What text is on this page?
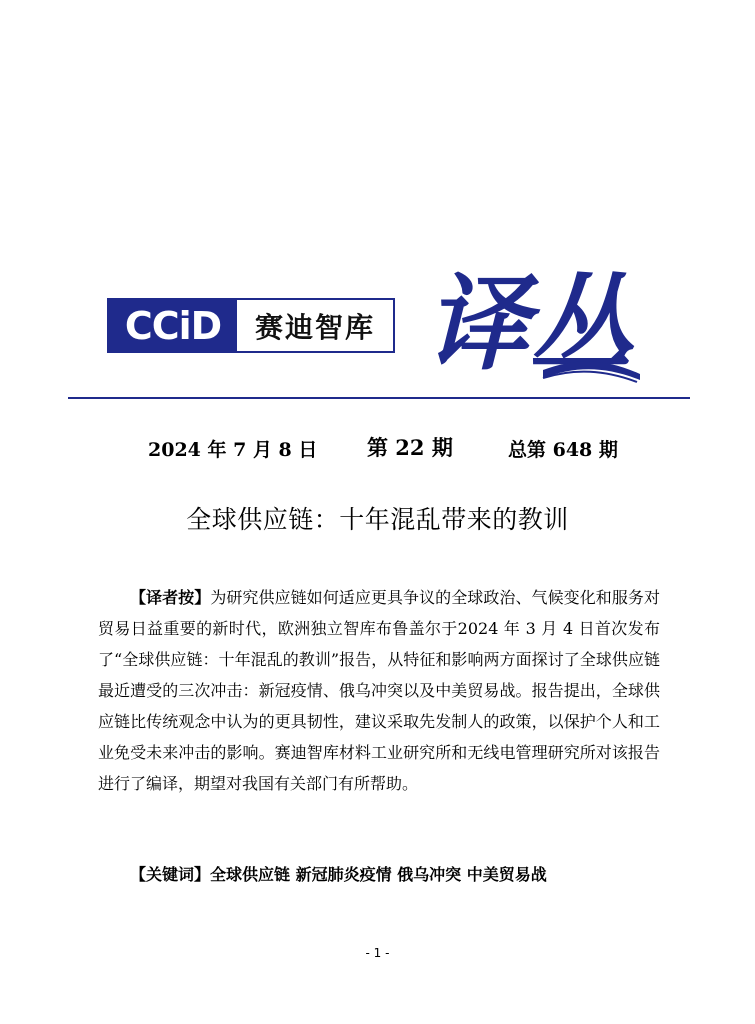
CCiD	赛迪智库 译丛
2024 年 7 月 8 日 第 22 期	总第 648 期
全球供应链：十年混乱带来的教训

【译者按】为研究供应链如何适应更具争议的全球政治、气候变化和服务对贸易日益重要的新时代，欧洲独立智库布鲁盖尔于2024 年 3 月 4 日首次发布了“全球供应链：十年混乱的教训”报告，从特征和影响两方面探讨了全球供应链最近遭受的三次冲击：新冠疫情、俄乌冲突以及中美贸易战。报告提出，全球供应链比传统观念中认为的更具韧性，建议采取先发制人的政策，以保护个人和工业免受未来冲击的影响。赛迪智库材料工业研究所和无线电管理研究所对该报告进行了编译，期望对我国有关部门有所帮助。

【关键词】全球供应链 新冠肺炎疫情 俄乌冲突 中美贸易战
- 1 -
